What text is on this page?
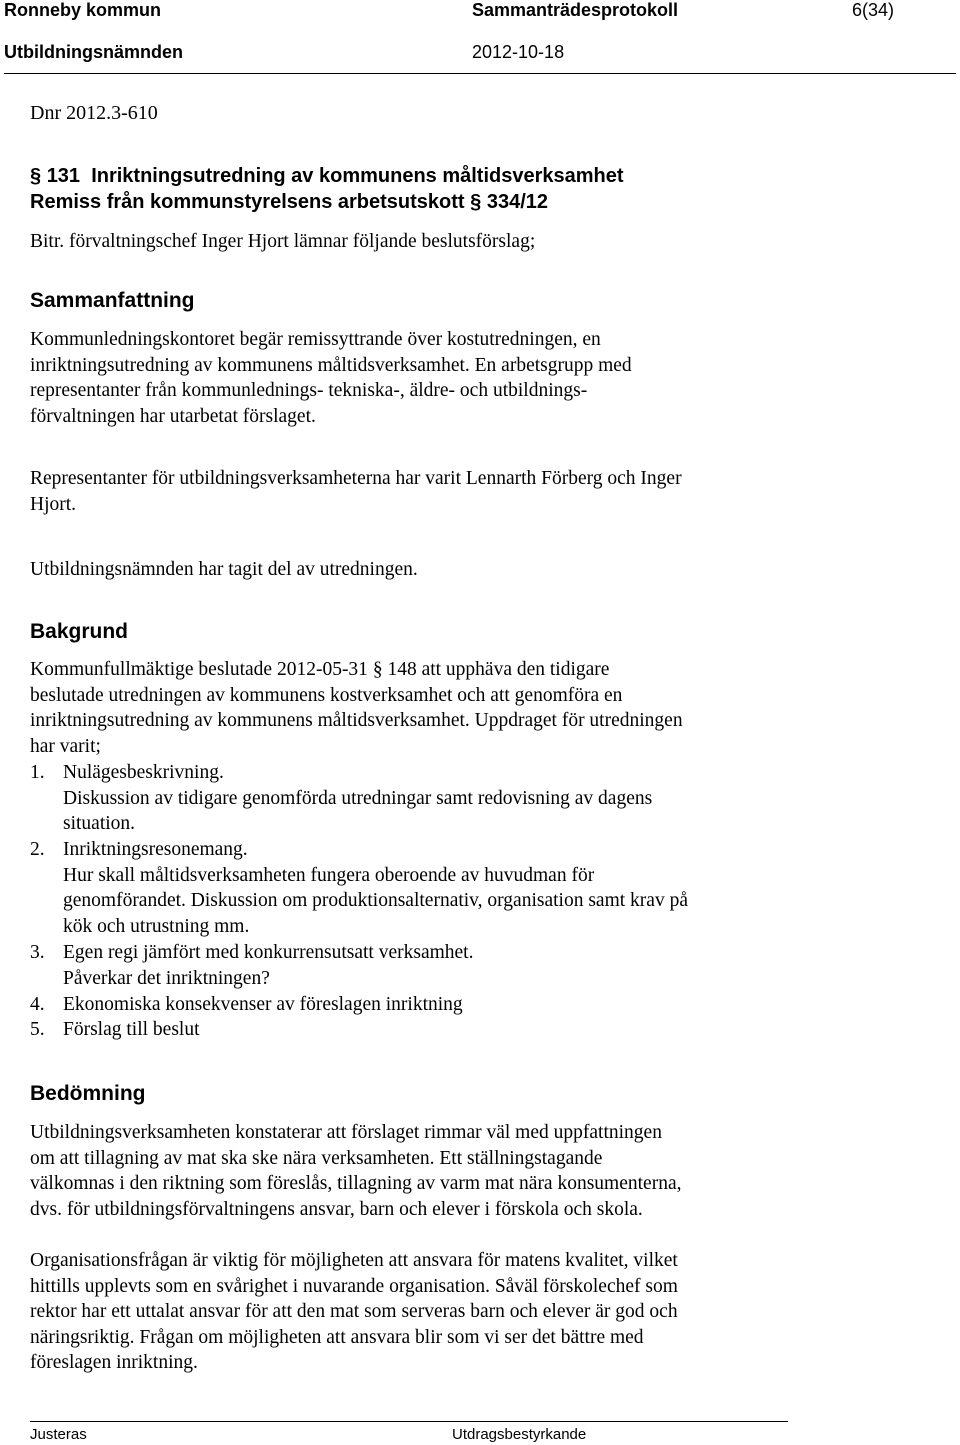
Ronneby kommun	Sammanträdesprotokoll	6(34)
Utbildningsnämnden	2012-10-18
Dnr 2012.3-610
§ 131 Inriktningsutredning av kommunens måltidsverksamhet
Remiss från kommunstyrelsens arbetsutskott § 334/12
Bitr. förvaltningschef Inger Hjort lämnar följande beslutsförslag;
Sammanfattning

Kommunledningskontoret begär remissyttrande över kostutredningen, en

inriktningsutredning av kommunens måltidsverksamhet. En arbetsgrupp med

representanter från kommunlednings- tekniska-, äldre- och utbildnings-

förvaltningen har utarbetat förslaget.

Representanter för utbildningsverksamheterna har varit Lennarth Förberg och Inger

Hjort.

Utbildningsnämnden har tagit del av utredningen.
Bakgrund

Kommunfullmäktige beslutade 2012-05-31 § 148 att upphäva den tidigare

beslutade utredningen av kommunens kostverksamhet och att genomföra en

inriktningsutredning av kommunens måltidsverksamhet. Uppdraget för utredningen

har varit;

1. Nulägesbeskrivning.
Diskussion av tidigare genomförda utredningar samt redovisning av dagens
situation.
2. Inriktningsresonemang.
Hur skall måltidsverksamheten fungera oberoende av huvudman för
genomförandet. Diskussion om produktionsalternativ, organisation samt krav på
kök och utrustning mm.
3. Egen regi jämfört med konkurrensutsatt verksamhet.
Påverkar det inriktningen?
4. Ekonomiska konsekvenser av föreslagen inriktning
5. Förslag till beslut
Bedömning

Utbildningsverksamheten konstaterar att förslaget rimmar väl med uppfattningen

om att tillagning av mat ska ske nära verksamheten. Ett ställningstagande

välkomnas i den riktning som föreslås, tillagning av varm mat nära konsumenterna,

dvs. för utbildningsförvaltningens ansvar, barn och elever i förskola och skola.

Organisationsfrågan är viktig för möjligheten att ansvara för matens kvalitet, vilket

hittills upplevts som en svårighet i nuvarande organisation. Såväl förskolechef som

rektor har ett uttalat ansvar för att den mat som serveras barn och elever är god och

näringsriktig. Frågan om möjligheten att ansvara blir som vi ser det bättre med

föreslagen inriktning.

Justeras	Utdragsbestyrkande
